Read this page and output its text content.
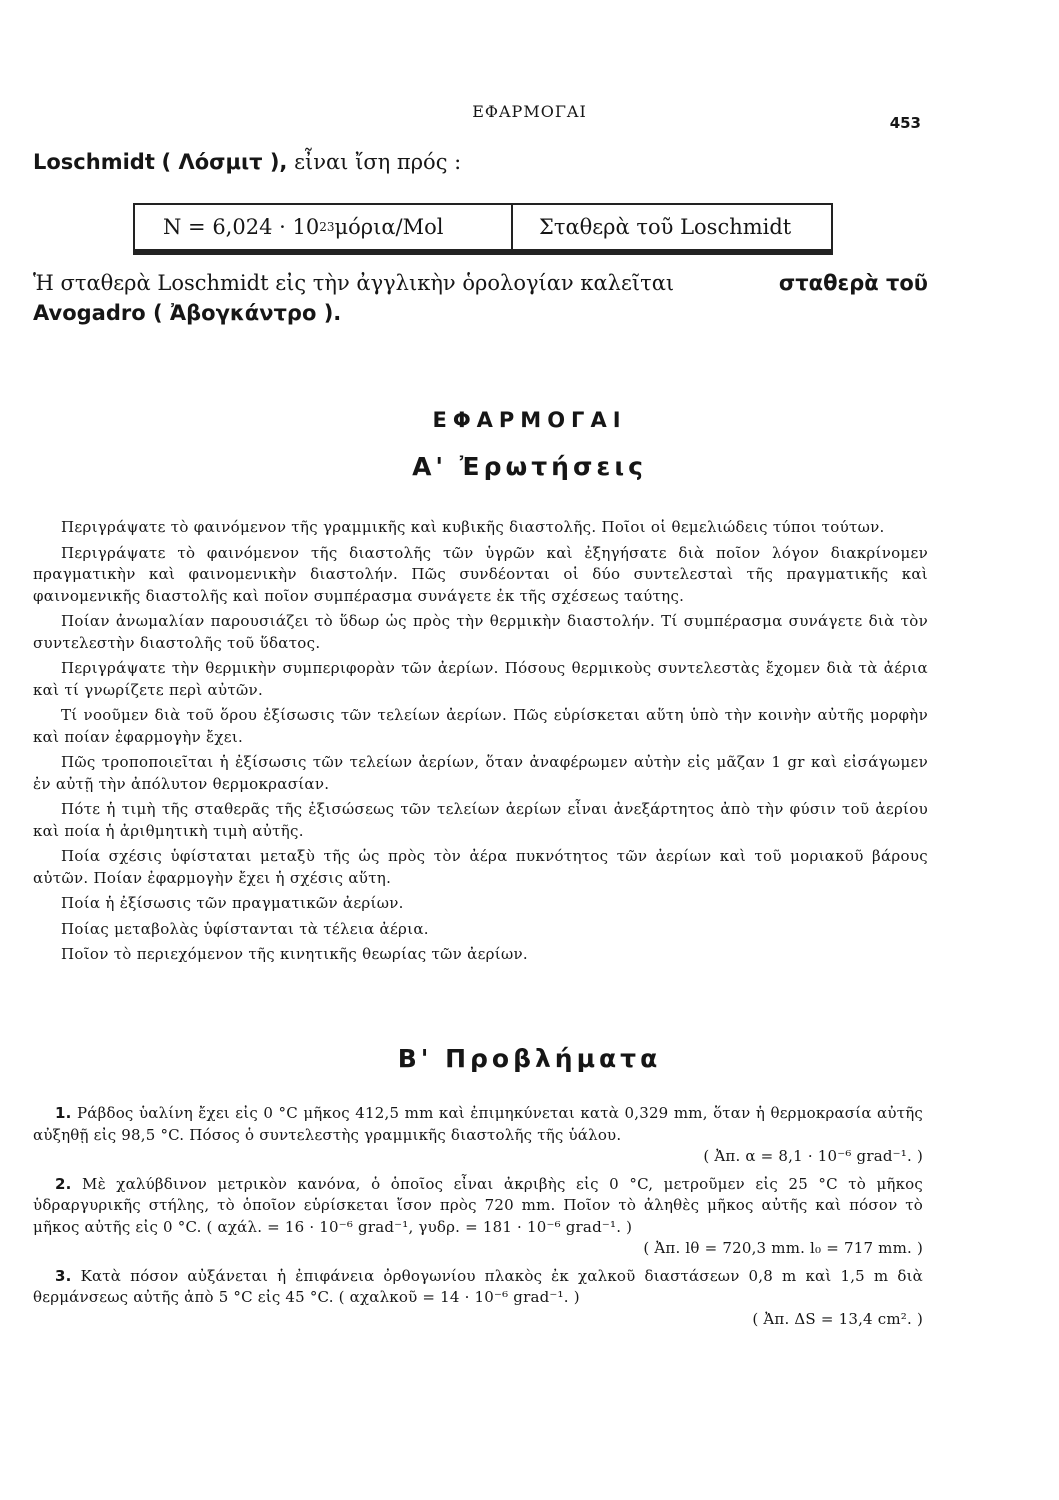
ΕΦΑΡΜΟΓΑΙ
453
Loschmidt ( Λόσμιτ ), εἶναι ἴση πρός :
N = 6,024 · 10 23 μόρια/Mol	Σταθερὰ τοῦ Loschmidt
Ἡ σταθερὰ Loschmidt εἰς τὴν ἀγγλικὴν ὁρολογίαν καλεῖται	σταθερὰ τοῦ
Avogadro ( Ἀβογκάντρο ).
ΕΦΑΡΜΟΓΑΙ
Α' Ἐρωτήσεις

Περιγράψατε τὸ φαινόμενον τῆς γραμμικῆς καὶ κυβικῆς διαστολῆς. Ποῖοι οἱ θεμελιώδεις τύποι τούτων.

Περιγράψατε τὸ φαινόμενον τῆς διαστολῆς τῶν ὑγρῶν καὶ ἐξηγήσατε διὰ ποῖον λόγον διακρίνομεν πραγματικὴν καὶ φαινομενικὴν διαστολήν. Πῶς συνδέονται οἱ δύο συντελεσταὶ τῆς πραγματικῆς καὶ φαινομενικῆς διαστολῆς καὶ ποῖον συμπέρασμα συνάγετε ἐκ τῆς σχέσεως ταύτης.

Ποίαν ἀνωμαλίαν παρουσιάζει τὸ ὕδωρ ὡς πρὸς τὴν θερμικὴν διαστολήν. Τί συμπέρασμα συνάγετε διὰ τὸν συντελεστὴν διαστολῆς τοῦ ὕδατος.

Περιγράψατε τὴν θερμικὴν συμπεριφορὰν τῶν ἀερίων. Πόσους θερμικοὺς συντελεστὰς ἔχομεν διὰ τὰ ἀέρια καὶ τί γνωρίζετε περὶ αὐτῶν.

Τί νοοῦμεν διὰ τοῦ ὅρου ἐξίσωσις τῶν τελείων ἀερίων. Πῶς εὑρίσκεται αὕτη ὑπὸ τὴν κοινὴν αὐτῆς μορφὴν καὶ ποίαν ἐφαρμογὴν ἔχει.

Πῶς τροποποιεῖται ἡ ἐξίσωσις τῶν τελείων ἀερίων, ὅταν ἀναφέρωμεν αὐτὴν εἰς μᾶζαν 1 gr καὶ εἰσάγωμεν ἐν αὐτῇ τὴν ἀπόλυτον θερμοκρασίαν.

Πότε ἡ τιμὴ τῆς σταθερᾶς τῆς ἐξισώσεως τῶν τελείων ἀερίων εἶναι ἀνεξάρτητος ἀπὸ τὴν φύσιν τοῦ ἀερίου καὶ ποία ἡ ἀριθμητικὴ τιμὴ αὐτῆς.

Ποία σχέσις ὑφίσταται μεταξὺ τῆς ὡς πρὸς τὸν ἀέρα πυκνότητος τῶν ἀερίων καὶ τοῦ μοριακοῦ βάρους αὐτῶν. Ποίαν ἐφαρμογὴν ἔχει ἡ σχέσις αὕτη.

Ποία ἡ ἐξίσωσις τῶν πραγματικῶν ἀερίων.

Ποίας μεταβολὰς ὑφίστανται τὰ τέλεια ἀέρια.

Ποῖον τὸ περιεχόμενον τῆς κινητικῆς θεωρίας τῶν ἀερίων.

Β' Προβλήματα
1. Ράβδος ὑαλίνη ἔχει εἰς 0 °C μῆκος 412,5 mm καὶ ἐπιμηκύνεται κατὰ 0,329 mm, ὅταν ἡ θερμοκρασία αὐτῆς αὐξηθῇ εἰς 98,5 °C. Πόσος ὁ συντελεστὴς γραμμικῆς διαστολῆς τῆς ὑάλου.
( Ἀπ. α = 8,1 · 10⁻⁶ grad⁻¹. )
2. Μὲ χαλύβδινον μετρικὸν κανόνα, ὁ ὁποῖος εἶναι ἀκριβὴς εἰς 0 °C, μετροῦμεν εἰς 25 °C τὸ μῆκος ὑδραργυρικῆς στήλης, τὸ ὁποῖον εὑρίσκεται ἴσον πρὸς 720 mm. Ποῖον τὸ ἀληθὲς μῆκος αὐτῆς καὶ πόσον τὸ μῆκος αὐτῆς εἰς 0 °C. ( αχάλ. = 16 · 10⁻⁶ grad⁻¹, γυδρ. = 181 · 10⁻⁶ grad⁻¹. )
( Ἀπ. lθ = 720,3 mm. l₀ = 717 mm. )
3. Κατὰ πόσον αὐξάνεται ἡ ἐπιφάνεια ὀρθογωνίου πλακὸς ἐκ χαλκοῦ διαστάσεων 0,8 m καὶ 1,5 m διὰ θερμάνσεως αὐτῆς ἀπὸ 5 °C εἰς 45 °C. ( αχαλκοῦ = 14 · 10⁻⁶ grad⁻¹. )
( Ἀπ. ΔS = 13,4 cm². )
